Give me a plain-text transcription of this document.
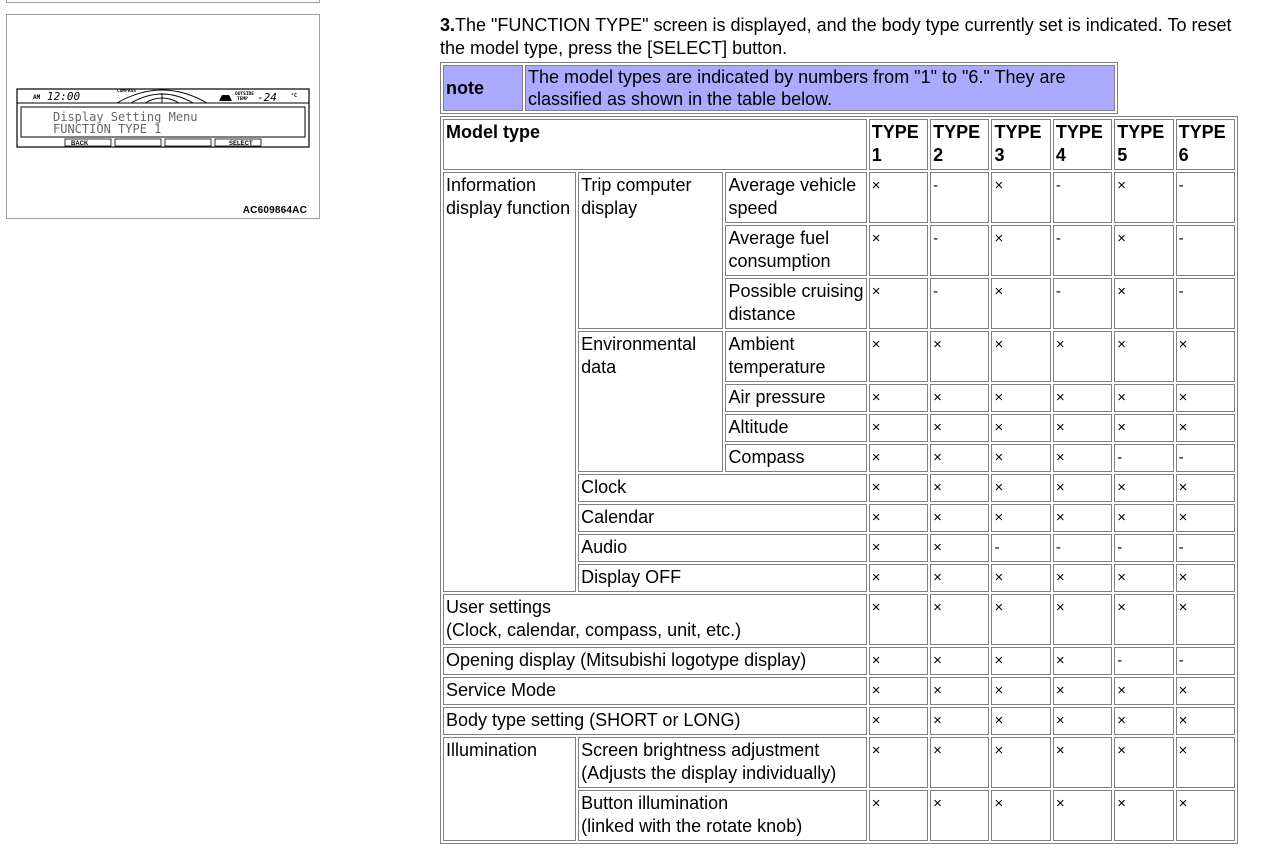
AM 12:00	COMPASS
OUTSIDE
TEMP -24	°C
Display Setting Menu
FUNCTION TYPE 1
BACK	SELECT
AC609864AC

3.The "FUNCTION TYPE" screen is displayed, and the body type currently set is indicated. To reset the model type, press the [SELECT] button.

note	The model types are indicated by numbers from "1" to "6." They are classified as shown in the table below.
Model type			TYPE 1	TYPE 2	TYPE 3	TYPE 4	TYPE 5	TYPE 6
Information display function	Trip computer display	Average vehicle speed	×	-	×	-	×	-
		Average fuel consumption	×	-	×	-	×	-
		Possible cruising distance	×	-	×	-	×	-
	Environmental data	Ambient temperature	×	×	×	×	×	×
		Air pressure	×	×	×	×	×	×
		Altitude	×	×	×	×	×	×
		Compass	×	×	×	×	-	-
	Clock		×	×	×	×	×	×
	Calendar		×	×	×	×	×	×
	Audio		×	×	-	-	-	-
	Display OFF		×	×	×	×	×	×
User settings
(Clock, calendar, compass, unit, etc.)			×	×	×	×	×	×
Opening display (Mitsubishi logotype display)			×	×	×	×	-	-
Service Mode			×	×	×	×	×	×
Body type setting (SHORT or LONG)			×	×	×	×	×	×
Illumination	Screen brightness adjustment
(Adjusts the display individually)		×	×	×	×	×	×
	Button illumination
(linked with the rotate knob)		×	×	×	×	×	×
